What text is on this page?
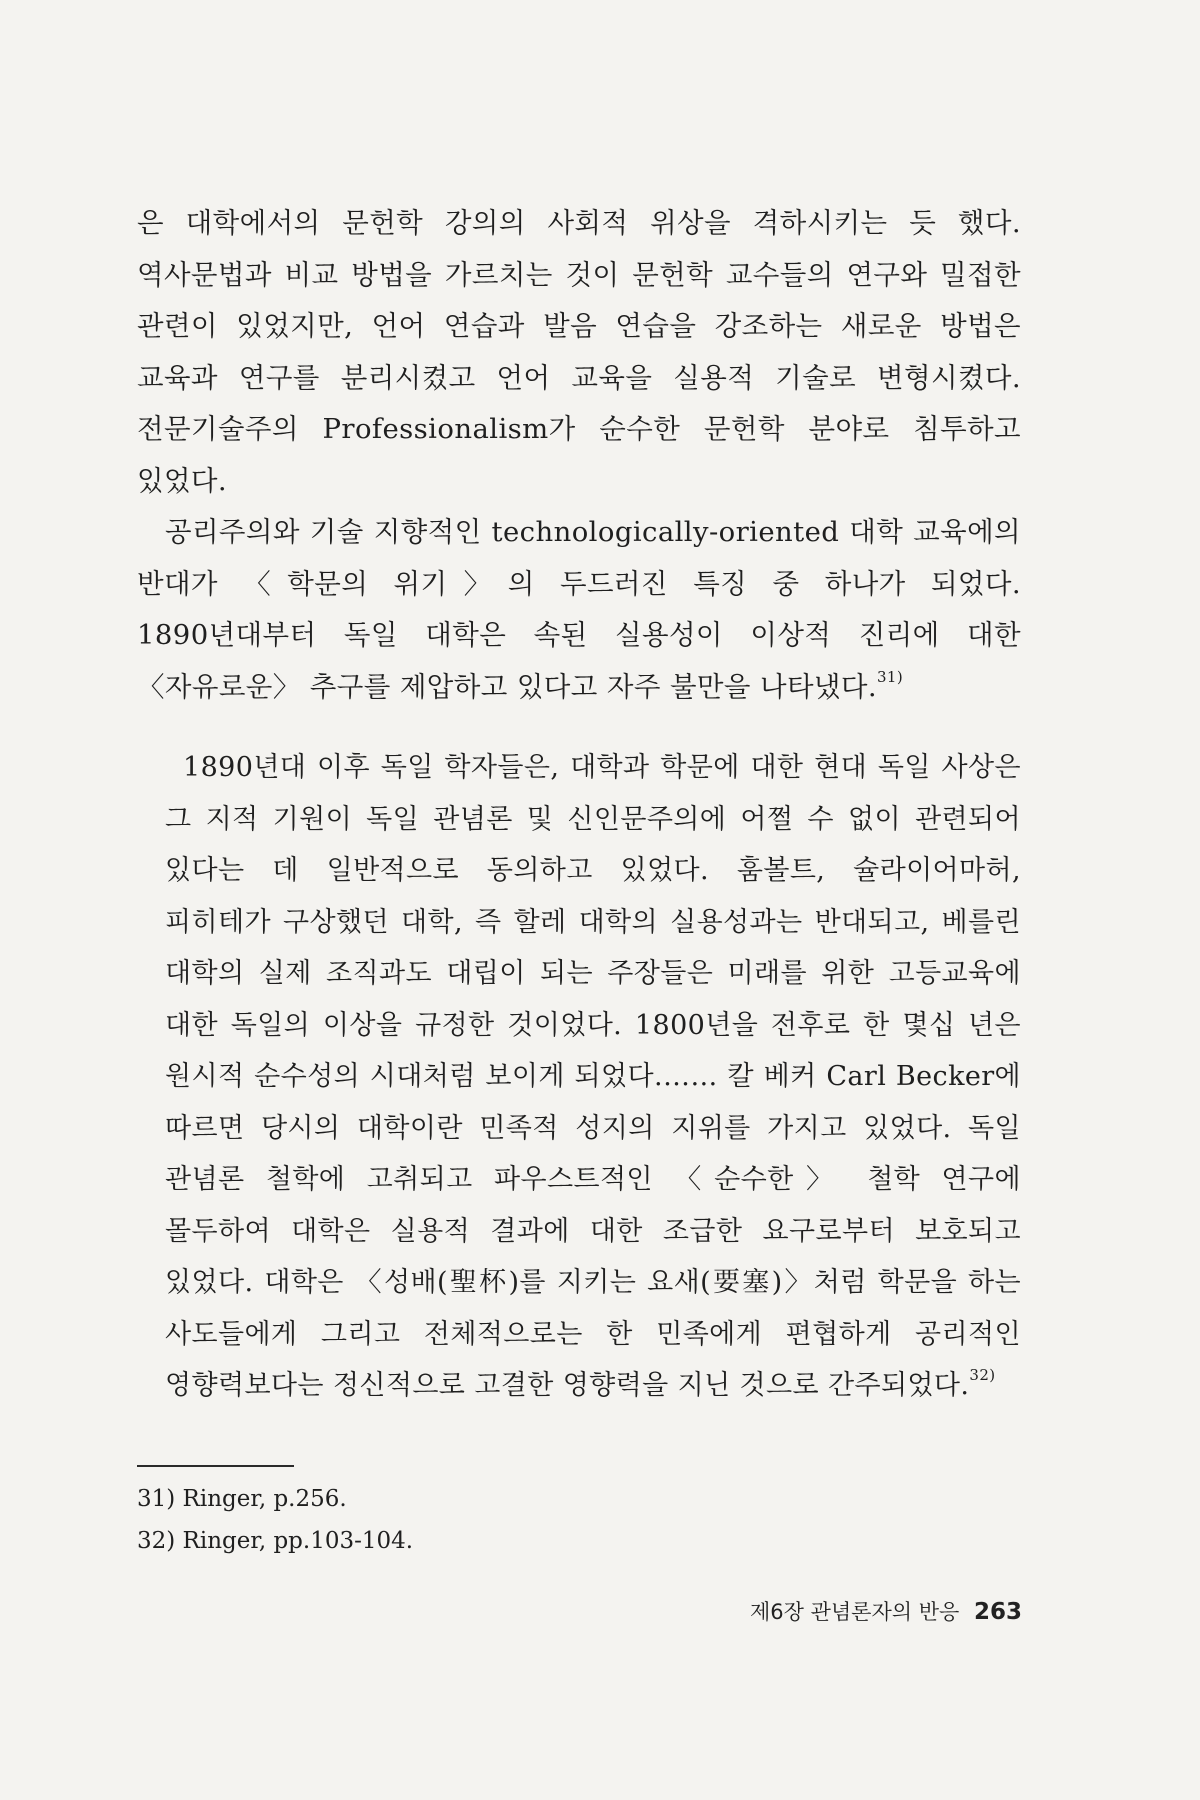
은 대학에서의 문헌학 강의의 사회적 위상을 격하시키는 듯 했다. 역사문법과 비교 방법을 가르치는 것이 문헌학 교수들의 연구와 밀접한 관련이 있었지만, 언어 연습과 발음 연습을 강조하는 새로운 방법은 교육과 연구를 분리시켰고 언어 교육을 실용적 기술로 변형시켰다. 전문기술주의 Professionalism가 순수한 문헌학 분야로 침투하고 있었다.

공리주의와 기술 지향적인 technologically-oriented 대학 교육에의 반대가 〈학문의 위기〉의 두드러진 특징 중 하나가 되었다. 1890년대부터 독일 대학은 속된 실용성이 이상적 진리에 대한 〈자유로운〉 추구를 제압하고 있다고 자주 불만을 나타냈다.$^{31)}$

1890년대 이후 독일 학자들은, 대학과 학문에 대한 현대 독일 사상은 그 지적 기원이 독일 관념론 및 신인문주의에 어쩔 수 없이 관련되어 있다는 데 일반적으로 동의하고 있었다. 훔볼트, 슐라이어마허, 피히테가 구상했던 대학, 즉 할레 대학의 실용성과는 반대되고, 베를린 대학의 실제 조직과도 대립이 되는 주장들은 미래를 위한 고등교육에 대한 독일의 이상을 규정한 것이었다. 1800년을 전후로 한 몇십 년은 원시적 순수성의 시대처럼 보이게 되었다.…… 칼 베커 Carl Becker에 따르면 당시의 대학이란 민족적 성지의 지위를 가지고 있었다. 독일 관념론 철학에 고취되고 파우스트적인 〈순수한〉 철학 연구에 몰두하여 대학은 실용적 결과에 대한 조급한 요구로부터 보호되고 있었다. 대학은 〈성배(聖杯)를 지키는 요새(要塞)〉처럼 학문을 하는 사도들에게 그리고 전체적으로는 한 민족에게 편협하게 공리적인 영향력보다는 정신적으로 고결한 영향력을 지닌 것으로 간주되었다.$^{32)}$

31) Ringer, p.256.
32) Ringer, pp.103-104.
제6장 관념론자의 반응 263
